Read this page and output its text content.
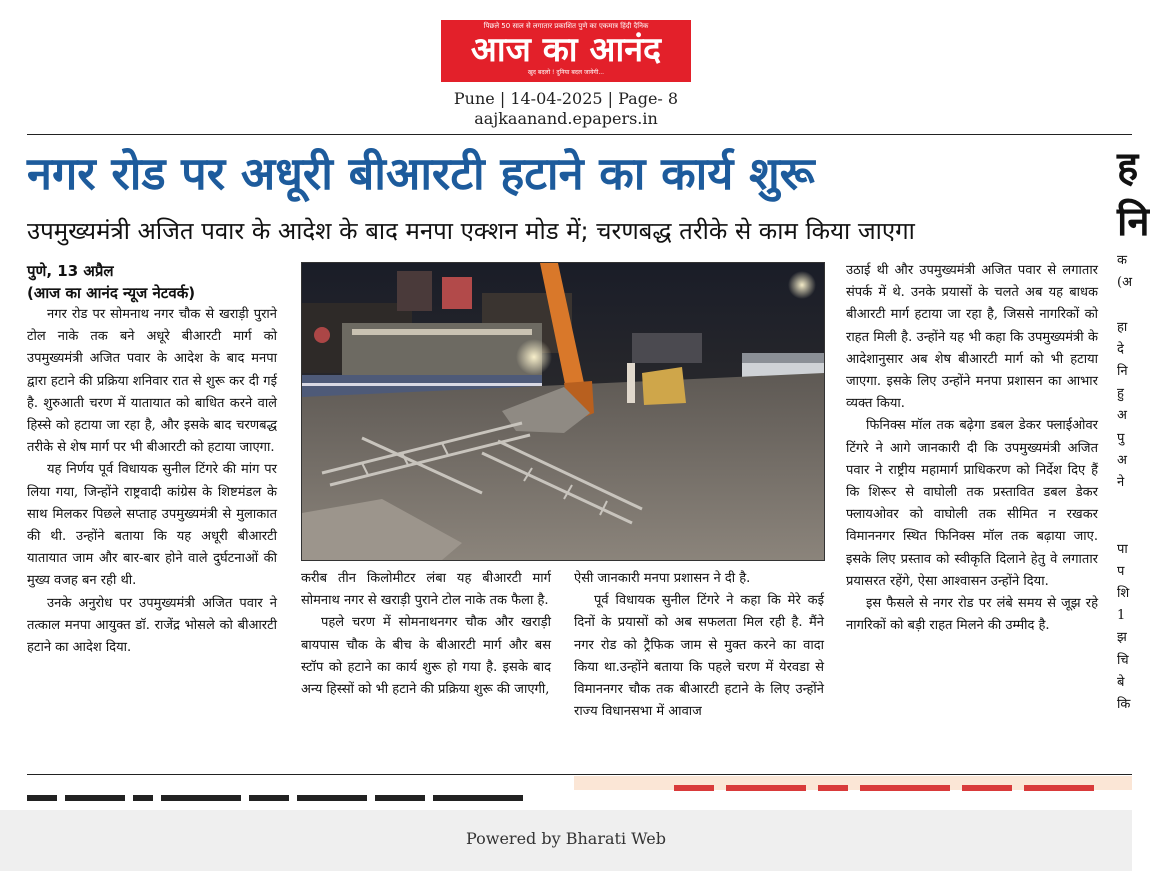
पिछले 50 साल से लगातार प्रकाशित पुणे का एकमात्र हिंदी दैनिक
आज का आनंद
खुद बदलो ! दुनिया बदल जायेगी...
Pune | 14-04-2025 | Page- 8
aajkaanand.epapers.in
नगर रोड पर अधूरी बीआरटी हटाने का कार्य शुरू
उपमुख्यमंत्री अजित पवार के आदेश के बाद मनपा एक्शन मोड में; चरणबद्ध तरीके से काम किया जाएगा
पुणे, 13 अप्रैल
(आज का आनंद न्यूज नेटवर्क)

नगर रोड पर सोमनाथ नगर चौक से खराड़ी पुराने टोल नाके तक बने अधूरे बीआरटी मार्ग को उपमुख्यमंत्री अजित पवार के आदेश के बाद मनपा द्वारा हटाने की प्रक्रिया शनिवार रात से शुरू कर दी गई है. शुरुआती चरण में यातायात को बाधित करने वाले हिस्से को हटाया जा रहा है, और इसके बाद चरणबद्ध तरीके से शेष मार्ग पर भी बीआरटी को हटाया जाएगा.

यह निर्णय पूर्व विधायक सुनील टिंगरे की मांग पर लिया गया, जिन्होंने राष्ट्रवादी कांग्रेस के शिष्टमंडल के साथ मिलकर पिछले सप्ताह उपमुख्यमंत्री से मुलाकात की थी. उन्होंने बताया कि यह अधूरी बीआरटी यातायात जाम और बार-बार होने वाले दुर्घटनाओं की मुख्य वजह बन रही थी.

उनके अनुरोध पर उपमुख्यमंत्री अजित पवार ने तत्काल मनपा आयुक्त डॉ. राजेंद्र भोसले को बीआरटी हटाने का आदेश दिया.

करीब तीन किलोमीटर लंबा यह बीआरटी मार्ग सोमनाथ नगर से खराड़ी पुराने टोल नाके तक फैला है.

पहले चरण में सोमनाथनगर चौक और खराड़ी बायपास चौक के बीच के बीआरटी मार्ग और बस स्टॉप को हटाने का कार्य शुरू हो गया है. इसके बाद अन्य हिस्सों को भी हटाने की प्रक्रिया शुरू की जाएगी,

ऐसी जानकारी मनपा प्रशासन ने दी है.

पूर्व विधायक सुनील टिंगरे ने कहा कि मेरे कई दिनों के प्रयासों को अब सफलता मिल रही है. मैंने नगर रोड को ट्रैफिक जाम से मुक्त करने का वादा किया था.उन्होंने बताया कि पहले चरण में येरवडा से विमाननगर चौक तक बीआरटी हटाने के लिए उन्होंने राज्य विधानसभा में आवाज

उठाई थी और उपमुख्यमंत्री अजित पवार से लगातार संपर्क में थे. उनके प्रयासों के चलते अब यह बाधक बीआरटी मार्ग हटाया जा रहा है, जिससे नागरिकों को राहत मिली है. उन्होंने यह भी कहा कि उपमुख्यमंत्री के आदेशानुसार अब शेष बीआरटी मार्ग को भी हटाया जाएगा. इसके लिए उन्होंने मनपा प्रशासन का आभार व्यक्त किया.

फिनिक्स मॉल तक बढ़ेगा डबल डेकर फ्लाईओवर टिंगरे ने आगे जानकारी दी कि उपमुख्यमंत्री अजित पवार ने राष्ट्रीय महामार्ग प्राधिकरण को निर्देश दिए हैं कि शिरूर से वाघोली तक प्रस्तावित डबल डेकर फ्लायओवर को वाघोली तक सीमित न रखकर विमाननगर स्थित फिनिक्स मॉल तक बढ़ाया जाए. इसके लिए प्रस्ताव को स्वीकृति दिलाने हेतु वे लगातार प्रयासरत रहेंगे, ऐसा आश्वासन उन्होंने दिया.

इस फैसले से नगर रोड पर लंबे समय से जूझ रहे नागरिकों को बड़ी राहत मिलने की उम्मीद है.

ह
नि
क
(अ

हा
दे
नि
हु
अ
पु
अ
ने

पा
प
शि
1
झ
चि
बे
कि
Powered by Bharati Web
